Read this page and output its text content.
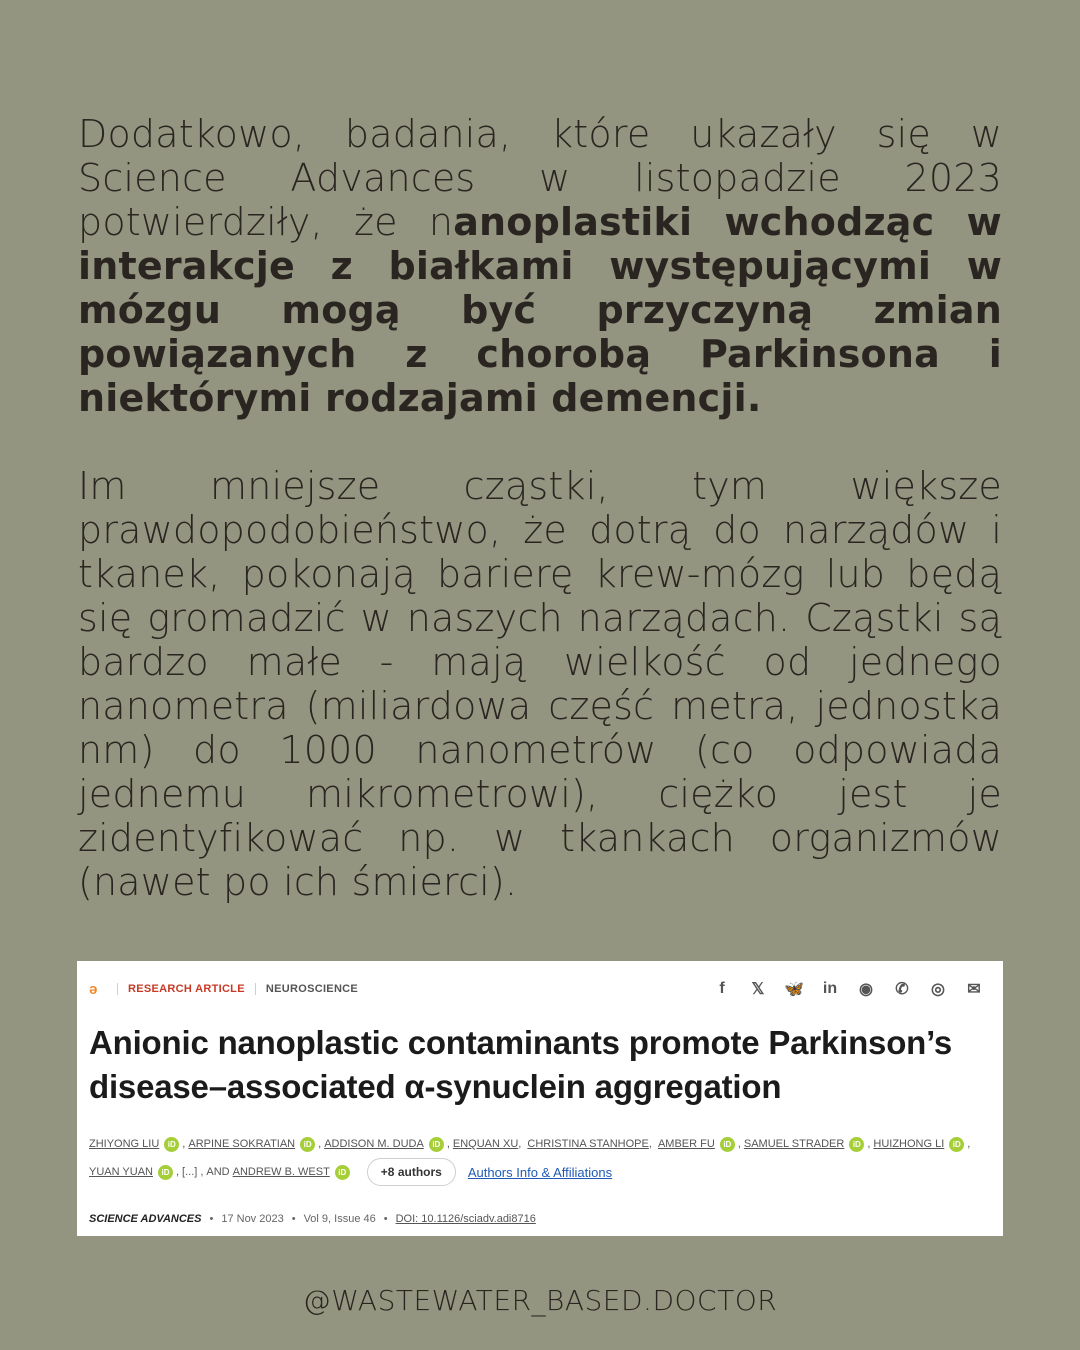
Dodatkowo, badania, które ukazały się w Science Advances w listopadzie 2023 potwierdziły, że nanoplastiki wchodząc w interakcje z białkami występującymi w mózgu mogą być przyczyną zmian powiązanych z chorobą Parkinsona i niektórymi rodzajami demencji.

Im mniejsze cząstki, tym większe prawdopodobieństwo, że dotrą do narządów i tkanek, pokonają barierę krew-mózg lub będą się gromadzić w naszych narządach. Cząstki są bardzo małe - mają wielkość od jednego nanometra (miliardowa część metra, jednostka nm) do 1000 nanometrów (co odpowiada jednemu mikrometrowi), ciężko jest je zidentyfikować np. w tkankach organizmów (nawet po ich śmierci).

ə	RESEARCH ARTICLE NEUROSCIENCE	f	𝕏 🦋 in ◉ ✆ ◎ ✉
Anionic nanoplastic contaminants promote Parkinson’s disease–associated α-synuclein aggregation
ZHIYONG LIU	iD , ARPINE SOKRATIAN	iD , ADDISON M. DUDA	iD , ENQUAN XU , CHRISTINA STANHOPE , AMBER FU	iD , SAMUEL STRADER	iD , HUIZHONG LI	iD ,
YUAN YUAN	iD , [...] , AND ANDREW B. WEST	iD	+8 authors	Authors Info & Affiliations
SCIENCE ADVANCES • 17 Nov 2023 • Vol 9, Issue 46 • DOI: 10.1126/sciadv.adi8716
@WASTEWATER_BASED.DOCTOR
